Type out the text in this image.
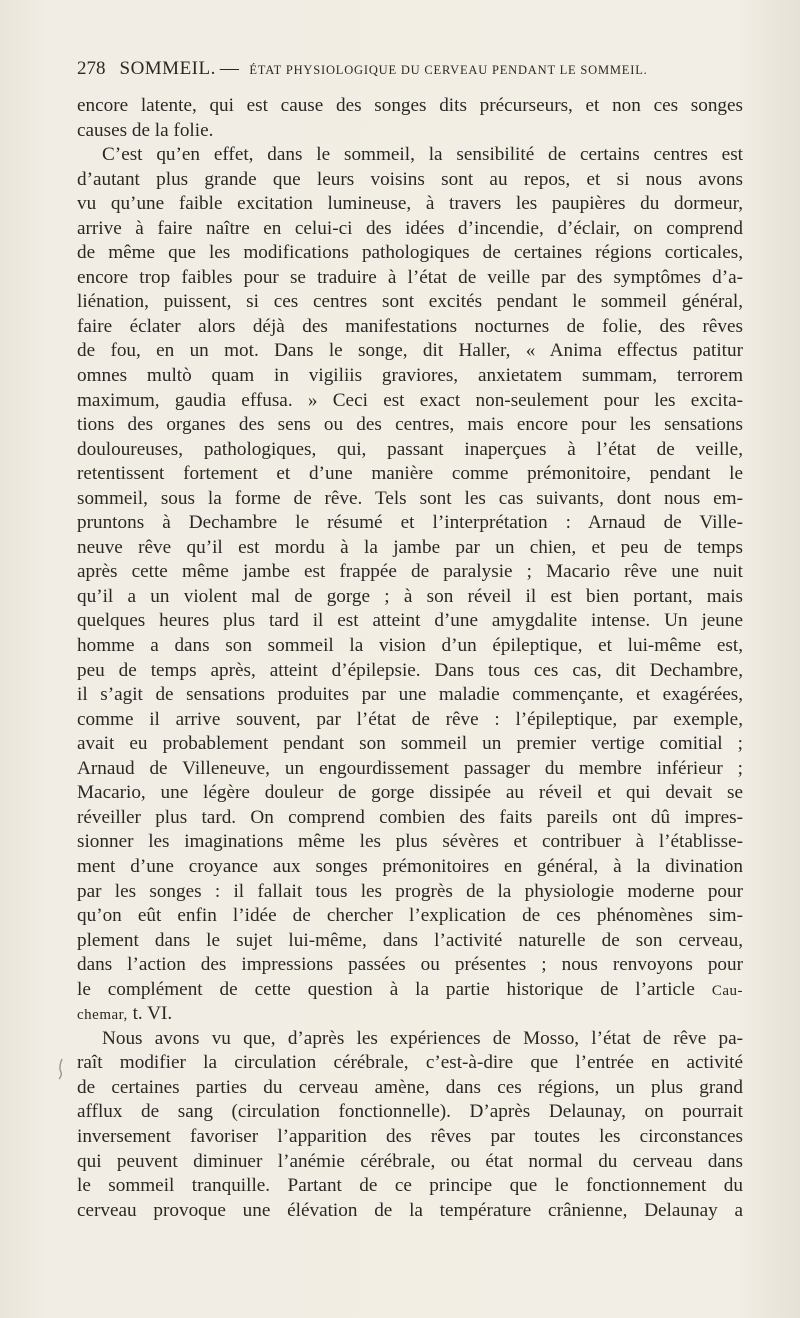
278 SOMMEIL. — ÉTAT PHYSIOLOGIQUE DU CERVEAU PENDANT LE SOMMEIL.
encore latente, qui est cause des songes dits précurseurs, et non ces songes
causes de la folie.
C’est qu’en effet, dans le sommeil, la sensibilité de certains centres est
d’autant plus grande que leurs voisins sont au repos, et si nous avons
vu qu’une faible excitation lumineuse, à travers les paupières du dormeur,
arrive à faire naître en celui-ci des idées d’incendie, d’éclair, on comprend
de même que les modifications pathologiques de certaines régions corticales,
encore trop faibles pour se traduire à l’état de veille par des symptômes d’a-
liénation, puissent, si ces centres sont excités pendant le sommeil général,
faire éclater alors déjà des manifestations nocturnes de folie, des rêves
de fou, en un mot. Dans le songe, dit Haller, « Anima effectus patitur
omnes multò quam in vigiliis graviores, anxietatem summam, terrorem
maximum, gaudia effusa. » Ceci est exact non-seulement pour les excita-
tions des organes des sens ou des centres, mais encore pour les sensations
douloureuses, pathologiques, qui, passant inaperçues à l’état de veille,
retentissent fortement et d’une manière comme prémonitoire, pendant le
sommeil, sous la forme de rêve. Tels sont les cas suivants, dont nous em-
pruntons à Dechambre le résumé et l’interprétation : Arnaud de Ville-
neuve rêve qu’il est mordu à la jambe par un chien, et peu de temps
après cette même jambe est frappée de paralysie ; Macario rêve une nuit
qu’il a un violent mal de gorge ; à son réveil il est bien portant, mais
quelques heures plus tard il est atteint d’une amygdalite intense. Un jeune
homme a dans son sommeil la vision d’un épileptique, et lui-même est,
peu de temps après, atteint d’épilepsie. Dans tous ces cas, dit Dechambre,
il s’agit de sensations produites par une maladie commençante, et exagérées,
comme il arrive souvent, par l’état de rêve : l’épileptique, par exemple,
avait eu probablement pendant son sommeil un premier vertige comitial ;
Arnaud de Villeneuve, un engourdissement passager du membre inférieur ;
Macario, une légère douleur de gorge dissipée au réveil et qui devait se
réveiller plus tard. On comprend combien des faits pareils ont dû impres-
sionner les imaginations même les plus sévères et contribuer à l’établisse-
ment d’une croyance aux songes prémonitoires en général, à la divination
par les songes : il fallait tous les progrès de la physiologie moderne pour
qu’on eût enfin l’idée de chercher l’explication de ces phénomènes sim-
plement dans le sujet lui-même, dans l’activité naturelle de son cerveau,
dans l’action des impressions passées ou présentes ; nous renvoyons pour
le complément de cette question à la partie historique de l’article Cau-
chemar, t. VI.
Nous avons vu que, d’après les expériences de Mosso, l’état de rêve pa-
raît modifier la circulation cérébrale, c’est-à-dire que l’entrée en activité
de certaines parties du cerveau amène, dans ces régions, un plus grand
afflux de sang (circulation fonctionnelle). D’après Delaunay, on pourrait
inversement favoriser l’apparition des rêves par toutes les circonstances
qui peuvent diminuer l’anémie cérébrale, ou état normal du cerveau dans
le sommeil tranquille. Partant de ce principe que le fonctionnement du
cerveau provoque une élévation de la température crânienne, Delaunay a
